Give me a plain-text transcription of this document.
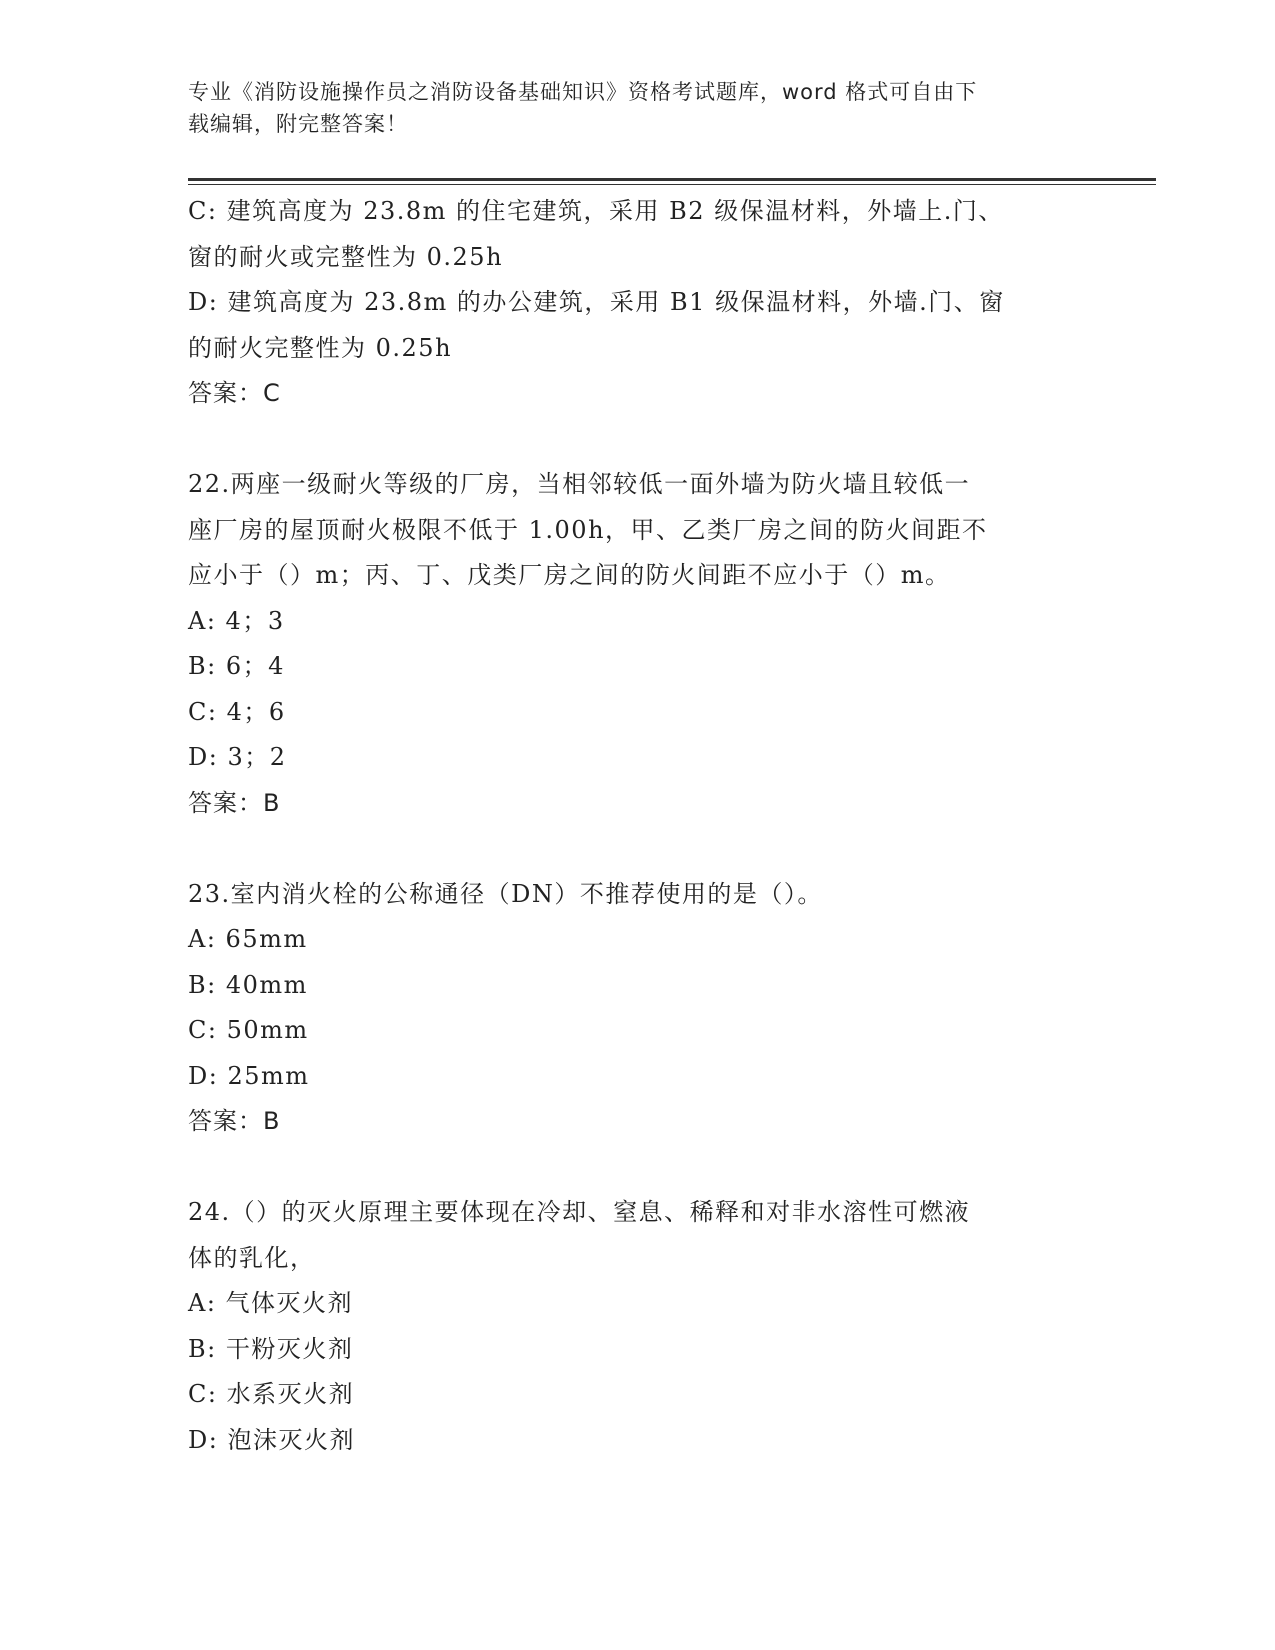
专业《消防设施操作员之消防设备基础知识》资格考试题库，word 格式可自由下
载编辑，附完整答案！
C: 建筑高度为 23.8m 的住宅建筑，采用 B2 级保温材料，外墙上.门、
窗的耐火或完整性为 0.25h
D: 建筑高度为 23.8m 的办公建筑，采用 B1 级保温材料，外墙.门、窗
的耐火完整性为 0.25h
答案：C
22.两座一级耐火等级的厂房，当相邻较低一面外墙为防火墙且较低一
座厂房的屋顶耐火极限不低于 1.00h，甲、乙类厂房之间的防火间距不
应小于（）m；丙、丁、戊类厂房之间的防火间距不应小于（）m。
A: 4；3
B: 6；4
C: 4；6
D: 3；2
答案：B
23.室内消火栓的公称通径（DN）不推荐使用的是（）。
A: 65mm
B: 40mm
C: 50mm
D: 25mm
答案：B
24.（）的灭火原理主要体现在冷却、窒息、稀释和对非水溶性可燃液
体的乳化，
A: 气体灭火剂
B: 干粉灭火剂
C: 水系灭火剂
D: 泡沫灭火剂
